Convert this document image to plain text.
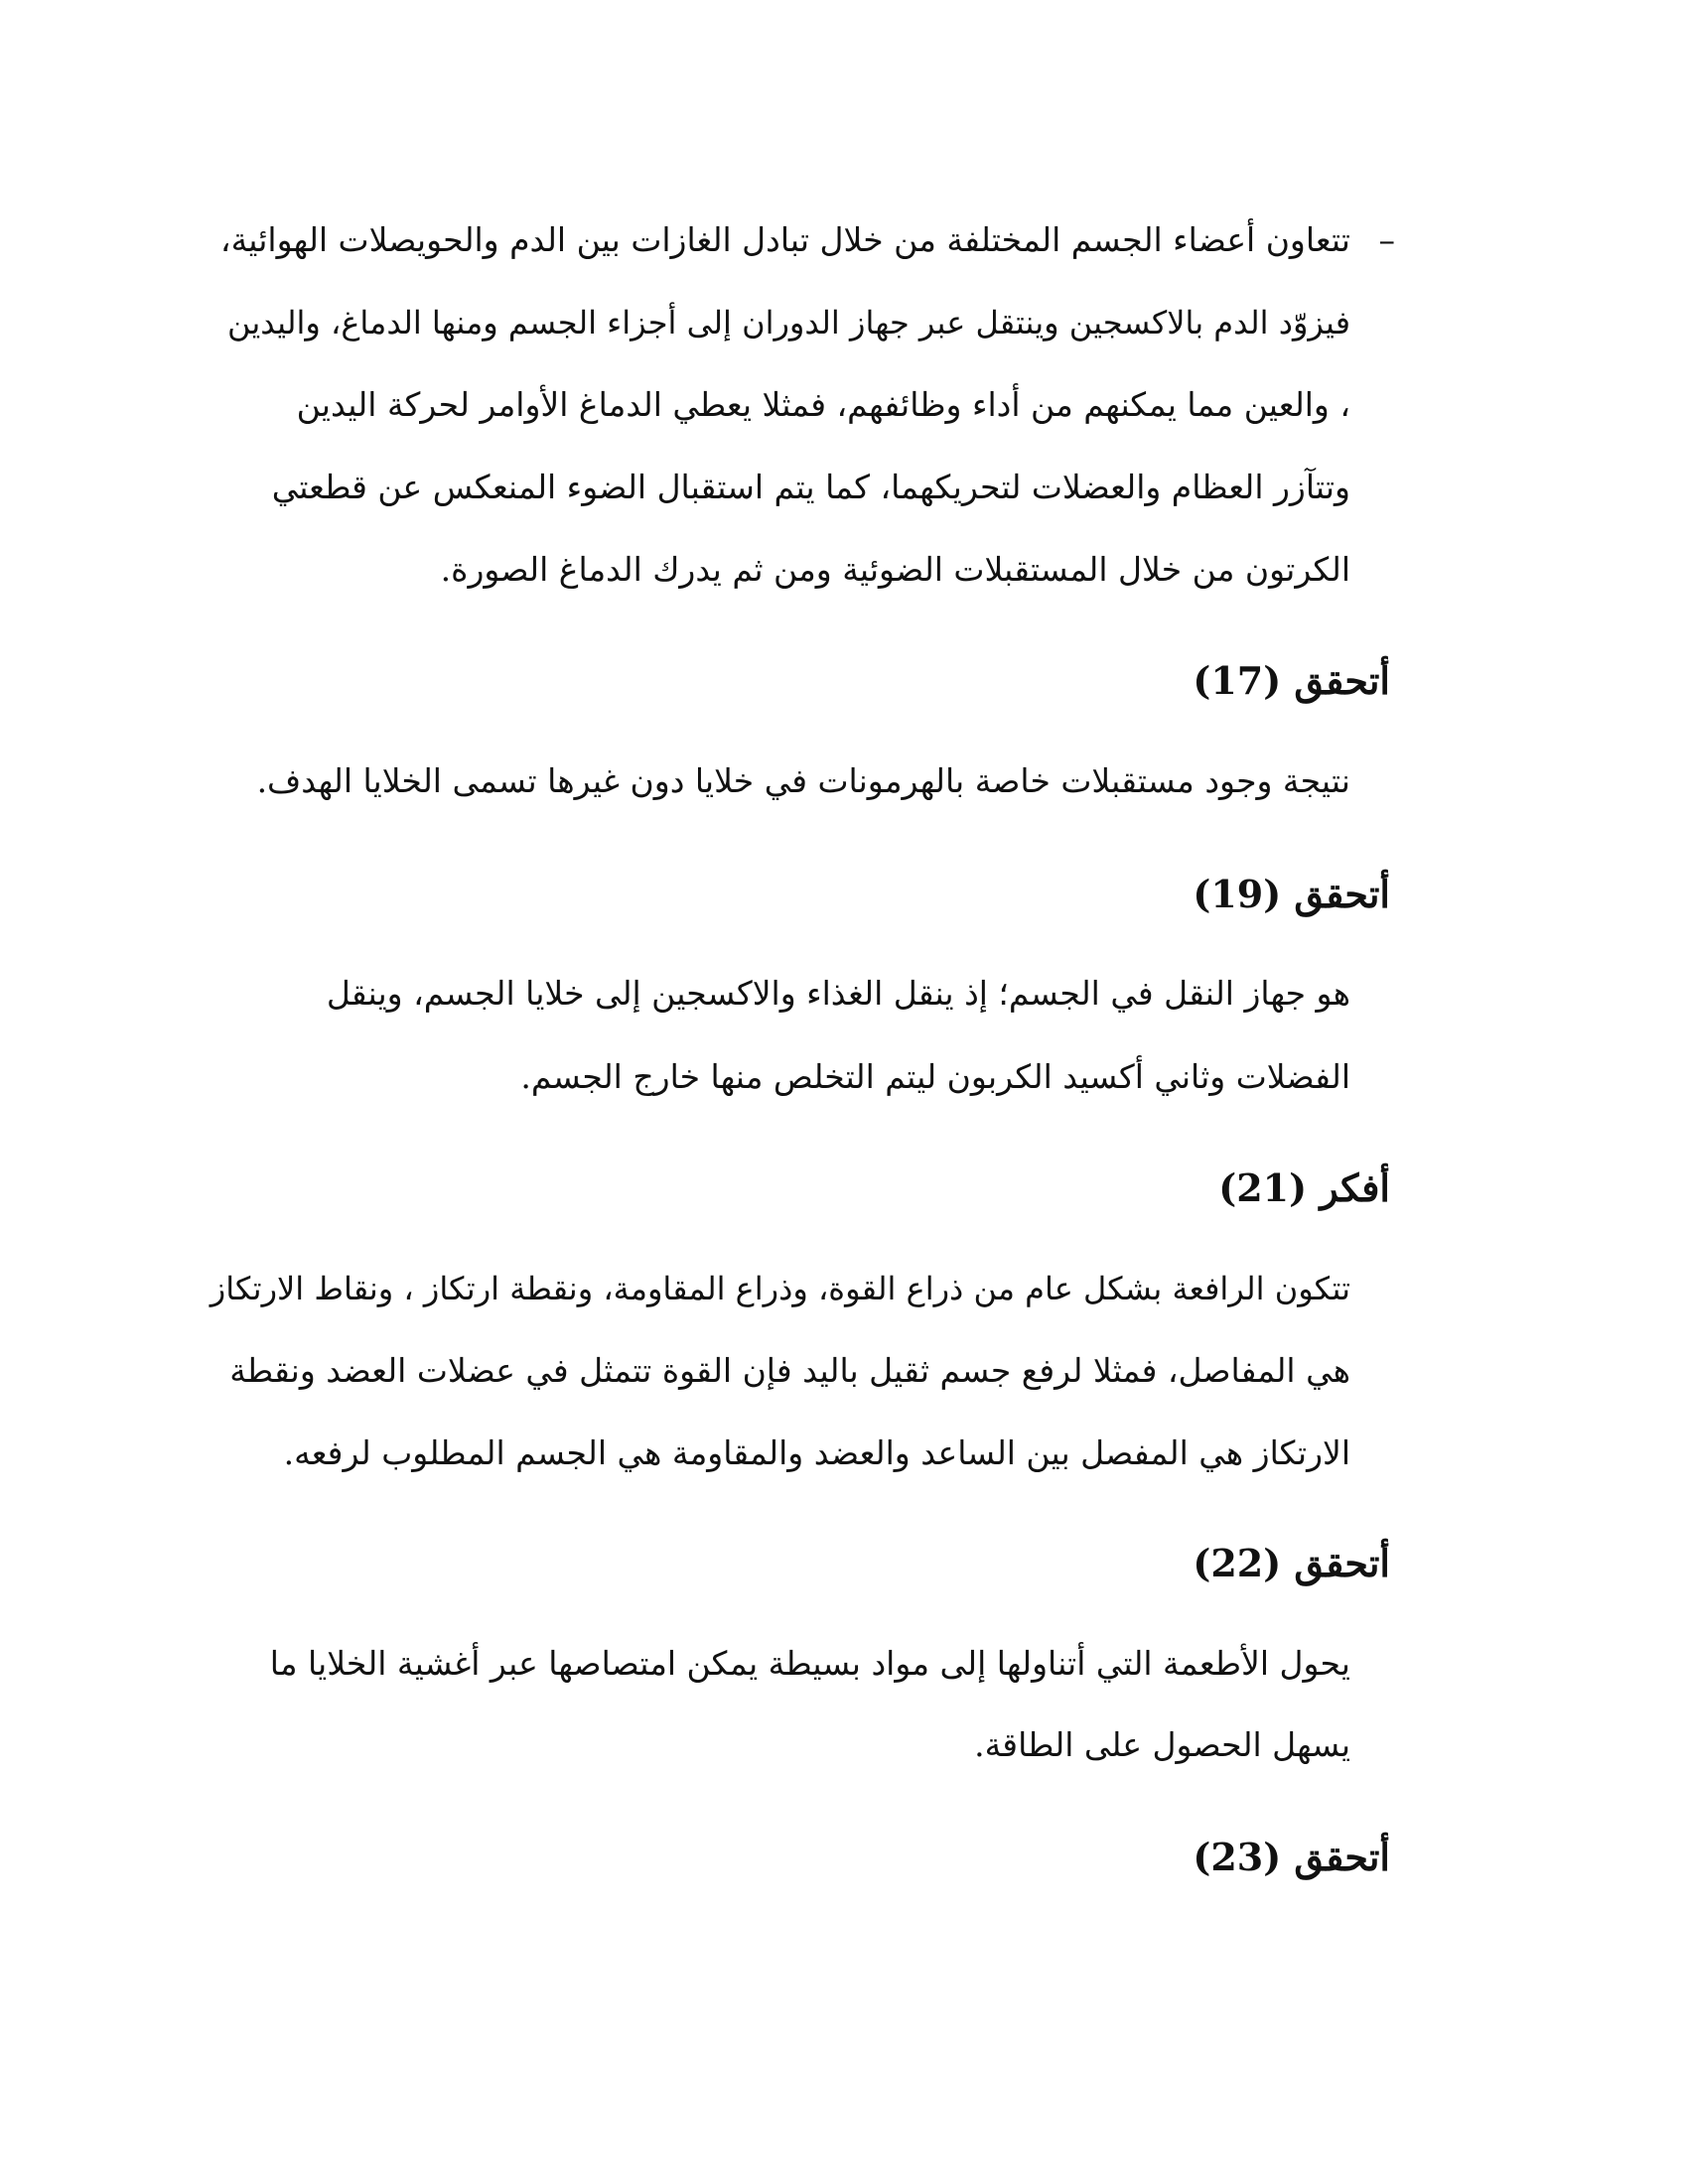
–
تتعاون أعضاء الجسم المختلفة من خلال تبادل الغازات بين الدم والحويصلات الهوائية،
فيزوّد الدم بالاكسجين وينتقل عبر جهاز الدوران إلى أجزاء الجسم ومنها الدماغ، واليدين
، والعين مما يمكنهم من أداء وظائفهم، فمثلا يعطي الدماغ الأوامر لحركة اليدين
وتتآزر العظام والعضلات لتحريكهما، كما يتم استقبال الضوء المنعكس عن قطعتي
الكرتون من خلال المستقبلات الضوئية ومن ثم يدرك الدماغ الصورة.
أتحقق (17)
نتيجة وجود مستقبلات خاصة بالهرمونات في خلايا دون غيرها تسمى الخلايا الهدف.
أتحقق (19)
هو جهاز النقل في الجسم؛ إذ ينقل الغذاء والاكسجين إلى خلايا الجسم، وينقل
الفضلات وثاني أكسيد الكربون ليتم التخلص منها خارج الجسم.
أفكر (21)
تتكون الرافعة بشكل عام من ذراع القوة، وذراع المقاومة، ونقطة ارتكاز ، ونقاط الارتكاز
هي المفاصل، فمثلا لرفع جسم ثقيل باليد فإن القوة تتمثل في عضلات العضد ونقطة
الارتكاز هي المفصل بين الساعد والعضد والمقاومة هي الجسم المطلوب لرفعه.
أتحقق (22)
يحول الأطعمة التي أتناولها إلى مواد بسيطة يمكن امتصاصها عبر أغشية الخلايا ما
يسهل الحصول على الطاقة.
أتحقق (23)
